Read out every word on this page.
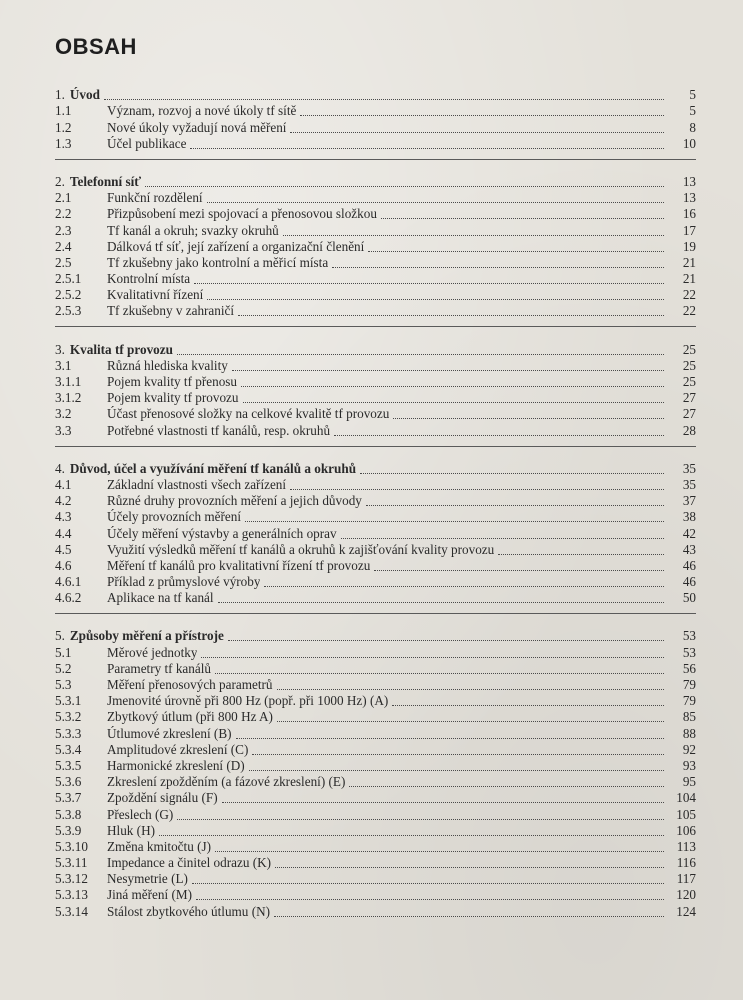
OBSAH
1. Úvod	5
1.1	Význam, rozvoj a nové úkoly tf sítě	5
1.2	Nové úkoly vyžadují nová měření	8
1.3	Účel publikace	10
2. Telefonní síť	13
2.1	Funkční rozdělení	13
2.2	Přizpůsobení mezi spojovací a přenosovou složkou	16
2.3	Tf kanál a okruh; svazky okruhů	17
2.4	Dálková tf síť, její zařízení a organizační členění	19
2.5	Tf zkušebny jako kontrolní a měřicí místa	21
2.5.1	Kontrolní místa	21
2.5.2	Kvalitativní řízení	22
2.5.3	Tf zkušebny v zahraničí	22
3. Kvalita tf provozu	25
3.1	Různá hlediska kvality	25
3.1.1	Pojem kvality tf přenosu	25
3.1.2	Pojem kvality tf provozu	27
3.2	Účast přenosové složky na celkové kvalitě tf provozu	27
3.3	Potřebné vlastnosti tf kanálů, resp. okruhů	28
4. Důvod, účel a využívání měření tf kanálů a okruhů	35
4.1	Základní vlastnosti všech zařízení	35
4.2	Různé druhy provozních měření a jejich důvody	37
4.3	Účely provozních měření	38
4.4	Účely měření výstavby a generálních oprav	42
4.5	Využití výsledků měření tf kanálů a okruhů k zajišťování kvality provozu	43
4.6	Měření tf kanálů pro kvalitativní řízení tf provozu	46
4.6.1	Příklad z průmyslové výroby	46
4.6.2	Aplikace na tf kanál	50
5. Způsoby měření a přístroje	53
5.1	Měrové jednotky	53
5.2	Parametry tf kanálů	56
5.3	Měření přenosových parametrů	79
5.3.1	Jmenovité úrovně při 800 Hz (popř. při 1000 Hz) (A)	79
5.3.2	Zbytkový útlum (při 800 Hz A)	85
5.3.3	Útlumové zkreslení (B)	88
5.3.4	Amplitudové zkreslení (C)	92
5.3.5	Harmonické zkreslení (D)	93
5.3.6	Zkreslení zpožděním (a fázové zkreslení) (E)	95
5.3.7	Zpoždění signálu (F)	104
5.3.8	Přeslech (G)	105
5.3.9	Hluk (H)	106
5.3.10	Změna kmitočtu (J)	113
5.3.11	Impedance a činitel odrazu (K)	116
5.3.12	Nesymetrie (L)	117
5.3.13	Jiná měření (M)	120
5.3.14	Stálost zbytkového útlumu (N)	124
